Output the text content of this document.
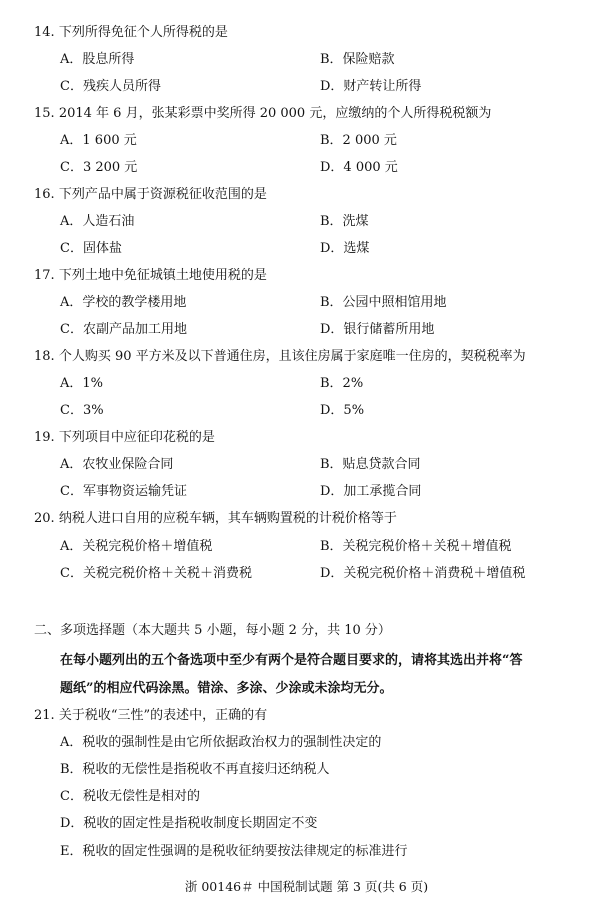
14. 下列所得免征个人所得税的是
A．股息所得	B．保险赔款
C．残疾人员所得	D．财产转让所得
15. 2014 年 6 月，张某彩票中奖所得 20 000 元，应缴纳的个人所得税税额为
A．1 600 元	B．2 000 元
C．3 200 元	D．4 000 元
16. 下列产品中属于资源税征收范围的是
A．人造石油	B．洗煤
C．固体盐	D．选煤
17. 下列土地中免征城镇土地使用税的是
A．学校的教学楼用地	B．公园中照相馆用地
C．农副产品加工用地	D．银行储蓄所用地
18. 个人购买 90 平方米及以下普通住房，且该住房属于家庭唯一住房的，契税税率为
A．1%	B．2%
C．3%	D．5%
19. 下列项目中应征印花税的是
A．农牧业保险合同	B．贴息贷款合同
C．军事物资运输凭证	D．加工承揽合同
20. 纳税人进口自用的应税车辆，其车辆购置税的计税价格等于
A．关税完税价格＋增值税	B．关税完税价格＋关税＋增值税
C．关税完税价格＋关税＋消费税	D．关税完税价格＋消费税＋增值税
二、多项选择题（本大题共 5 小题，每小题 2 分，共 10 分）
在每小题列出的五个备选项中至少有两个是符合题目要求的，请将其选出并将“答
题纸”的相应代码涂黑。错涂、多涂、少涂或未涂均无分。
21. 关于税收“三性”的表述中，正确的有
A．税收的强制性是由它所依据政治权力的强制性决定的
B．税收的无偿性是指税收不再直接归还纳税人
C．税收无偿性是相对的
D．税收的固定性是指税收制度长期固定不变
E．税收的固定性强调的是税收征纳要按法律规定的标准进行
浙 00146＃ 中国税制试题 第 3 页(共 6 页)
